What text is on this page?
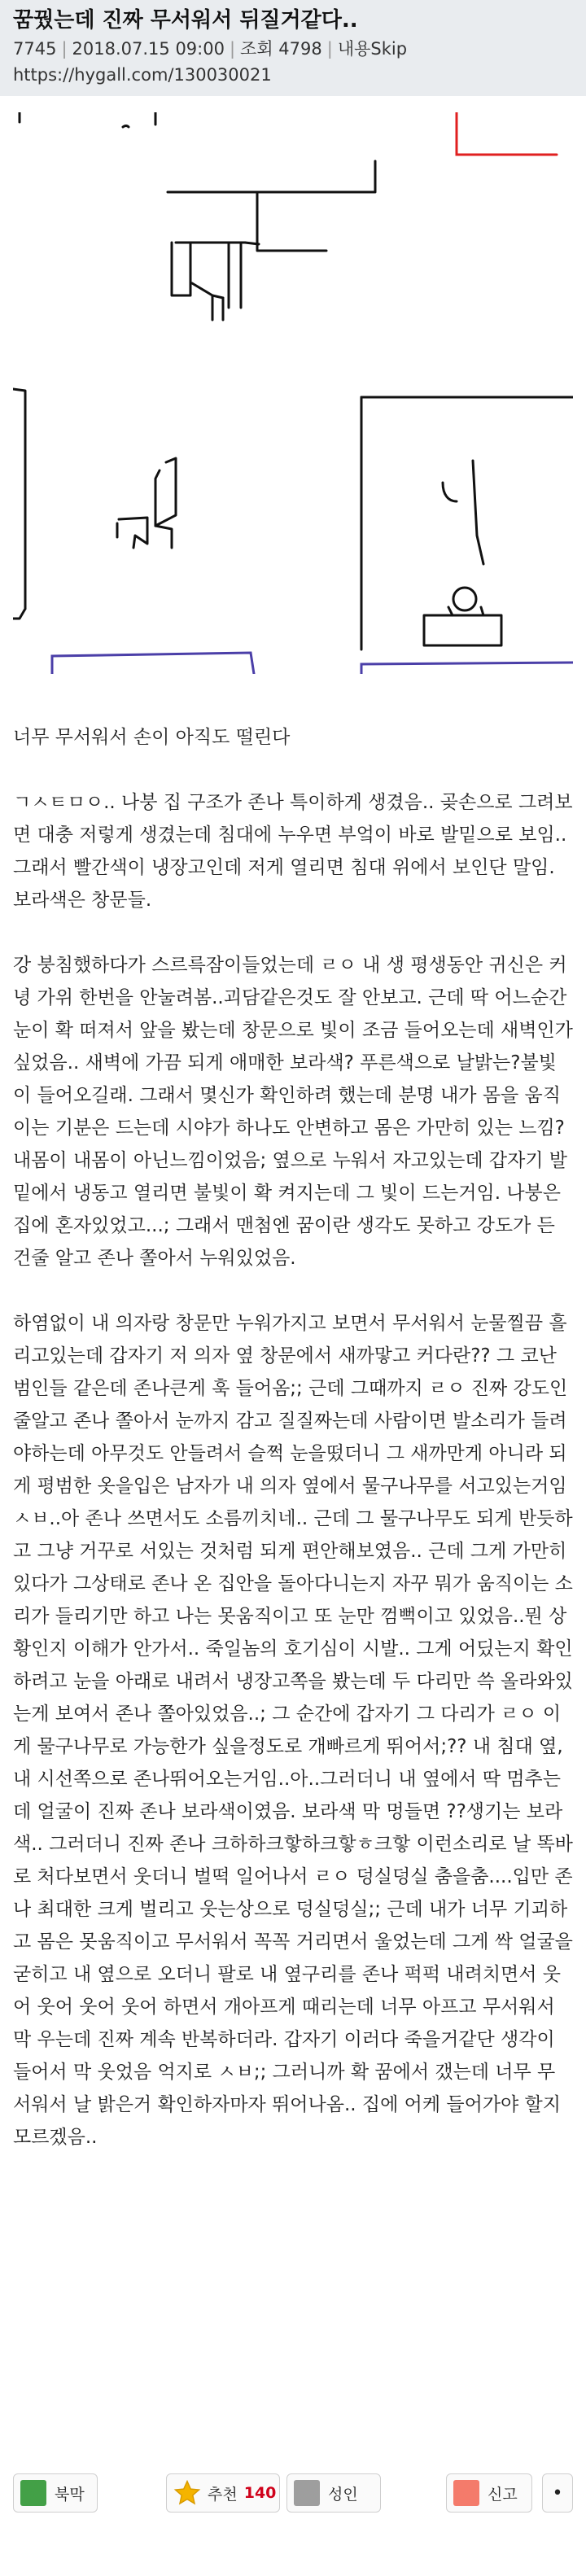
꿈꿨는데 진짜 무서워서 뒤질거같다..
7745 | 2018.07.15 09:00 | 조회 4798 | 내용Skip
https://hygall.com/130030021

너무 무서워서 손이 아직도 떨린다

ㄱㅅㅌㅁㅇ.. 나붕 집 구조가 존나 특이하게 생겼음.. 곶손으로 그려보면 대충 저렇게 생겼는데 침대에 누우면 부엌이 바로 발밑으로 보임..그래서 빨간색이 냉장고인데 저게 열리면 침대 위에서 보인단 말임. 보라색은 창문들.

강 붕침했하다가 스르륵잠이들었는데 ㄹㅇ 내 생 평생동안 귀신은 커녕 가위 한번을 안눌려봄..괴담같은것도 잘 안보고. 근데 딱 어느순간 눈이 확 떠져서 앞을 봤는데 창문으로 빛이 조금 들어오는데 새벽인가 싶었음.. 새벽에 가끔 되게 애매한 보라색? 푸른색으로 날밝는?불빛이 들어오길래. 그래서 몇신가 확인하려 했는데 분명 내가 몸을 움직이는 기분은 드는데 시야가 하나도 안변하고 몸은 가만히 있는 느낌? 내몸이 내몸이 아닌느낌이었음; 옆으로 누워서 자고있는데 갑자기 발 밑에서 냉동고 열리면 불빛이 확 켜지는데 그 빛이 드는거임. 나붕은 집에 혼자있었고...; 그래서 맨첨엔 꿈이란 생각도 못하고 강도가 든건줄 알고 존나 쫄아서 누워있었음.

하염없이 내 의자랑 창문만 누워가지고 보면서 무서워서 눈물찔끔 흘리고있는데 갑자기 저 의자 옆 창문에서 새까맣고 커다란?? 그 코난 범인들 같은데 존나큰게 훅 들어옴;; 근데 그때까지 ㄹㅇ 진짜 강도인줄알고 존나 쫄아서 눈까지 감고 질질짜는데 사람이면 발소리가 들려야하는데 아무것도 안들려서 슬쩍 눈을떴더니 그 새까만게 아니라 되게 평범한 옷을입은 남자가 내 의자 옆에서 물구나무를 서고있는거임 ㅅㅂ..아 존나 쓰면서도 소름끼치네.. 근데 그 물구나무도 되게 반듯하고 그냥 거꾸로 서있는 것처럼 되게 편안해보였음.. 근데 그게 가만히 있다가 그상태로 존나 온 집안을 돌아다니는지 자꾸 뭐가 움직이는 소리가 들리기만 하고 나는 못움직이고 또 눈만 껌뻑이고 있었음..뭔 상황인지 이해가 안가서.. 죽일놈의 호기심이 시발.. 그게 어딨는지 확인하려고 눈을 아래로 내려서 냉장고쪽을 봤는데 두 다리만 쓱 올라와있는게 보여서 존나 쫄아있었음..; 그 순간에 갑자기 그 다리가 ㄹㅇ 이게 물구나무로 가능한가 싶을정도로 개빠르게 뛰어서;?? 내 침대 옆, 내 시선쪽으로 존나뛰어오는거임..아..그러더니 내 옆에서 딱 멈추는데 얼굴이 진짜 존나 보라색이였음. 보라색 막 멍들면 ??생기는 보라색.. 그러더니 진짜 존나 크하하크핳하크핳ㅎ크핳 이런소리로 날 똑바로 처다보면서 웃더니 벌떡 일어나서 ㄹㅇ 덩실덩실 춤을춤....입만 존나 최대한 크게 벌리고 웃는상으로 덩실덩실;; 근데 내가 너무 기괴하고 몸은 못움직이고 무서워서 꼭꼭 거리면서 울었는데 그게 싹 얼굴을 굳히고 내 옆으로 오더니 팔로 내 옆구리를 존나 퍽퍽 내려치면서 웃어 웃어 웃어 웃어 하면서 개아프게 때리는데 너무 아프고 무서워서 막 우는데 진짜 계속 반복하더라. 갑자기 이러다 죽을거같단 생각이 들어서 막 웃었음 억지로 ㅅㅂ;; 그러니까 확 꿈에서 갰는데 너무 무서워서 날 밝은거 확인하자마자 뛰어나옴.. 집에 어케 들어가야 할지 모르겠음..

북막	추천 140	성인	신고 •
